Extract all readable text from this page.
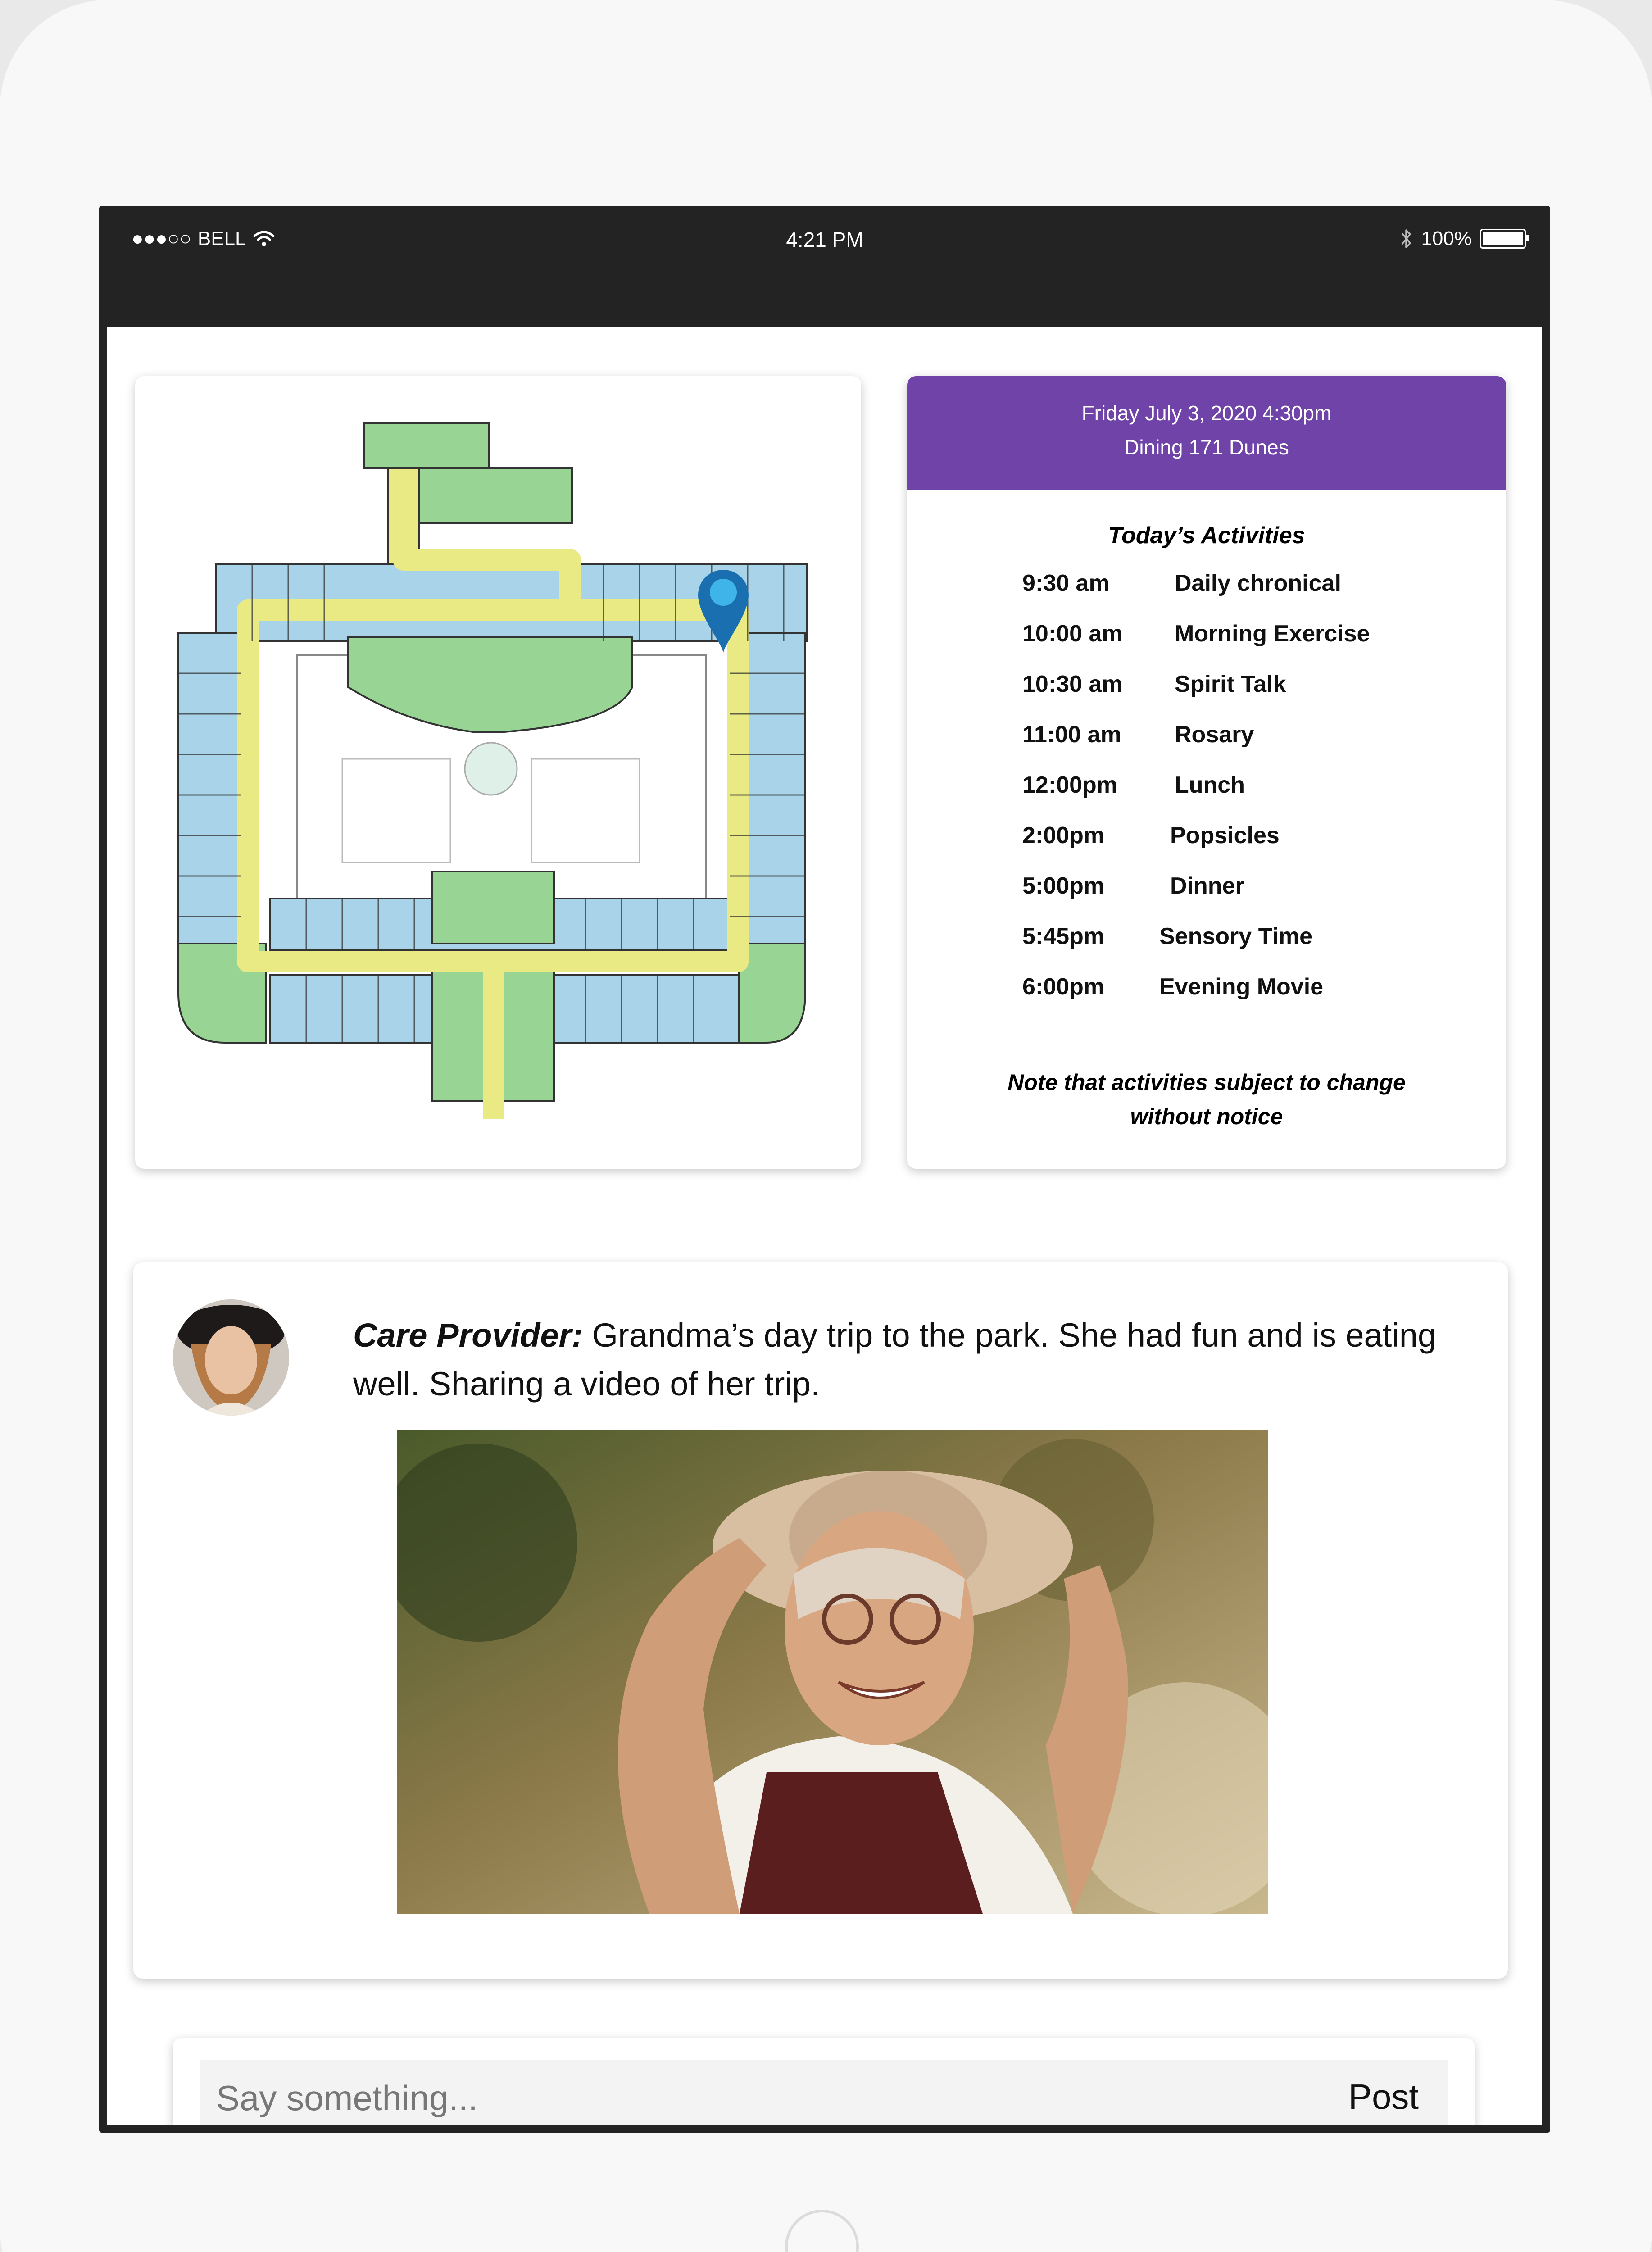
●●●○○ BELL	4:21 PM	100%
Friday July 3, 2020 4:30pm
Dining 171 Dunes
Today’s Activities
Note that activities subject to change
without notice
9:30 am	Daily chronical
10:00 am Morning Exercise
10:30 am Spirit Talk
11:00 am Rosary
12:00pm Lunch
2:00pm	Popsicles
5:00pm	Dinner
5:45pm Sensory Time
6:00pm Evening Movie
Care Provider: Grandma’s day trip to the park. She had fun and is eating
well. Sharing a video of her trip.
Say something...
Post
